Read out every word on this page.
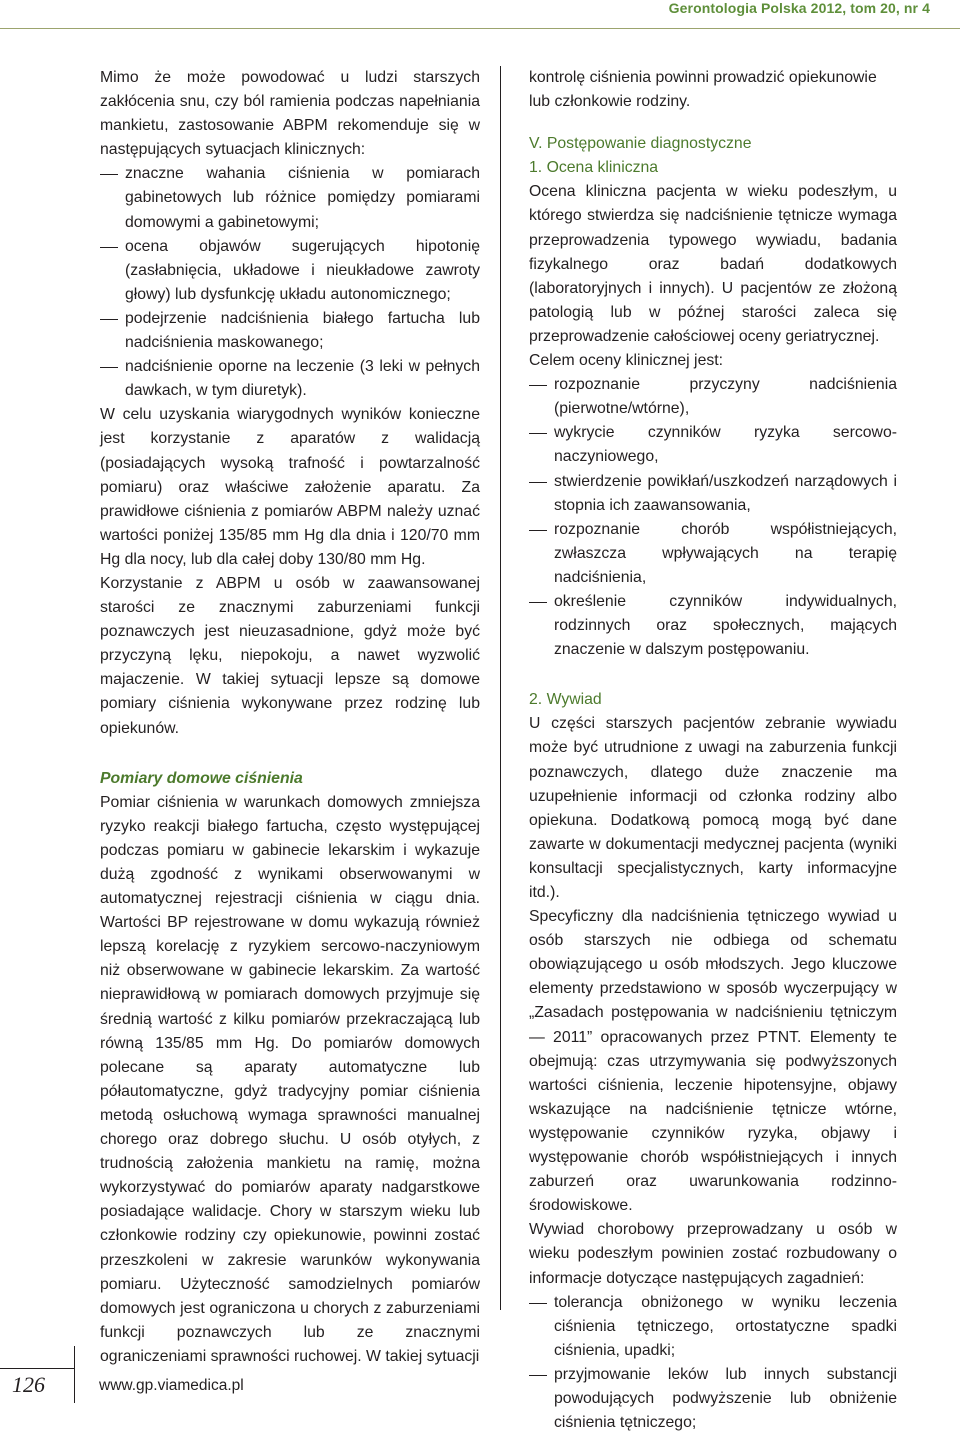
Gerontologia Polska 2012, tom 20, nr 4

Mimo że może powodować u ludzi starszych zakłócenia snu, czy ból ramienia podczas napełniania mankietu, zastosowanie ABPM rekomenduje się w następujących sytuacjach klinicznych:

znaczne wahania ciśnienia w pomiarach gabinetowych lub różnice pomiędzy pomiarami domowymi a gabinetowymi;
ocena objawów sugerujących hipotonię (zasłabnięcia, układowe i nieukładowe zawroty głowy) lub dysfunkcję układu autonomicznego;
podejrzenie nadciśnienia białego fartucha lub nadciśnienia maskowanego;
nadciśnienie oporne na leczenie (3 leki w pełnych dawkach, w tym diuretyk).

W celu uzyskania wiarygodnych wyników konieczne jest korzystanie z aparatów z walidacją (posiadających wysoką trafność i powtarzalność pomiaru) oraz właściwe założenie aparatu. Za prawidłowe ciśnienia z pomiarów ABPM należy uznać wartości poniżej 135/85 mm Hg dla dnia i 120/70 mm Hg dla nocy, lub dla całej doby 130/80 mm Hg.

Korzystanie z ABPM u osób w zaawansowanej starości ze znacznymi zaburzeniami funkcji poznawczych jest nieuzasadnione, gdyż może być przyczyną lęku, niepokoju, a nawet wyzwolić majaczenie. W takiej sytuacji lepsze są domowe pomiary ciśnienia wykonywane przez rodzinę lub opiekunów.

Pomiary domowe ciśnienia

Pomiar ciśnienia w warunkach domowych zmniejsza ryzyko reakcji białego fartucha, często występującej podczas pomiaru w gabinecie lekarskim i wykazuje dużą zgodność z wynikami obserwowanymi w automatycznej rejestracji ciśnienia w ciągu dnia. Wartości BP rejestrowane w domu wykazują również lepszą korelację z ryzykiem sercowo-naczyniowym niż obserwowane w gabinecie lekarskim. Za wartość nieprawidłową w pomiarach domowych przyjmuje się średnią wartość z kilku pomiarów przekraczającą lub równą 135/85 mm Hg. Do pomiarów domowych polecane są aparaty automatyczne lub półautomatyczne, gdyż tradycyjny pomiar ciśnienia metodą osłuchową wymaga sprawności manualnej chorego oraz dobrego słuchu. U osób otyłych, z trudnością założenia mankietu na ramię, można wykorzystywać do pomiarów aparaty nadgarstkowe posiadające walidacje. Chory w starszym wieku lub członkowie rodziny czy opiekunowie, powinni zostać przeszkoleni w zakresie warunków wykonywania pomiaru. Użyteczność samodzielnych pomiarów domowych jest ograniczona u chorych z zaburzeniami funkcji poznawczych lub ze znacznymi ograniczeniami sprawności ruchowej. W takiej sytuacji

kontrolę ciśnienia powinni prowadzić opiekunowie lub członkowie rodziny.

V. Postępowanie diagnostyczne

1. Ocena kliniczna

Ocena kliniczna pacjenta w wieku podeszłym, u którego stwierdza się nadciśnienie tętnicze wymaga przeprowadzenia typowego wywiadu, badania fizykalnego oraz badań dodatkowych (laboratoryjnych i innych). U pacjentów ze złożoną patologią lub w późnej starości zaleca się przeprowadzenie całościowej oceny geriatrycznej.

Celem oceny klinicznej jest:

rozpoznanie przyczyny nadciśnienia (pierwotne/wtórne),
wykrycie czynników ryzyka sercowo-naczyniowego,
stwierdzenie powikłań/uszkodzeń narządowych i stopnia ich zaawansowania,
rozpoznanie chorób współistniejących, zwłaszcza wpływających na terapię nadciśnienia,
określenie czynników indywidualnych, rodzinnych oraz społecznych, mających znaczenie w dalszym postępowaniu.

2. Wywiad

U części starszych pacjentów zebranie wywiadu może być utrudnione z uwagi na zaburzenia funkcji poznawczych, dlatego duże znaczenie ma uzupełnienie informacji od członka rodziny albo opiekuna. Dodatkową pomocą mogą być dane zawarte w dokumentacji medycznej pacjenta (wyniki konsultacji specjalistycznych, karty informacyjne itd.).

Specyficzny dla nadciśnienia tętniczego wywiad u osób starszych nie odbiega od schematu obowiązującego u osób młodszych. Jego kluczowe elementy przedstawiono w sposób wyczerpujący w „Zasadach postępowania w nadciśnieniu tętniczym — 2011” opracowanych przez PTNT. Elementy te obejmują: czas utrzymywania się podwyższonych wartości ciśnienia, leczenie hipotensyjne, objawy wskazujące na nadciśnienie tętnicze wtórne, występowanie czynników ryzyka, objawy i występowanie chorób współistniejących i innych zaburzeń oraz uwarunkowania rodzinno-środowiskowe.

Wywiad chorobowy przeprowadzany u osób w wieku podeszłym powinien zostać rozbudowany o informacje dotyczące następujących zagadnień:

tolerancja obniżonego w wyniku leczenia ciśnienia tętniczego, ortostatyczne spadki ciśnienia, upadki;
przyjmowanie leków lub innych substancji powodujących podwyższenie lub obniżenie ciśnienia tętniczego;
126	www.gp.viamedica.pl
